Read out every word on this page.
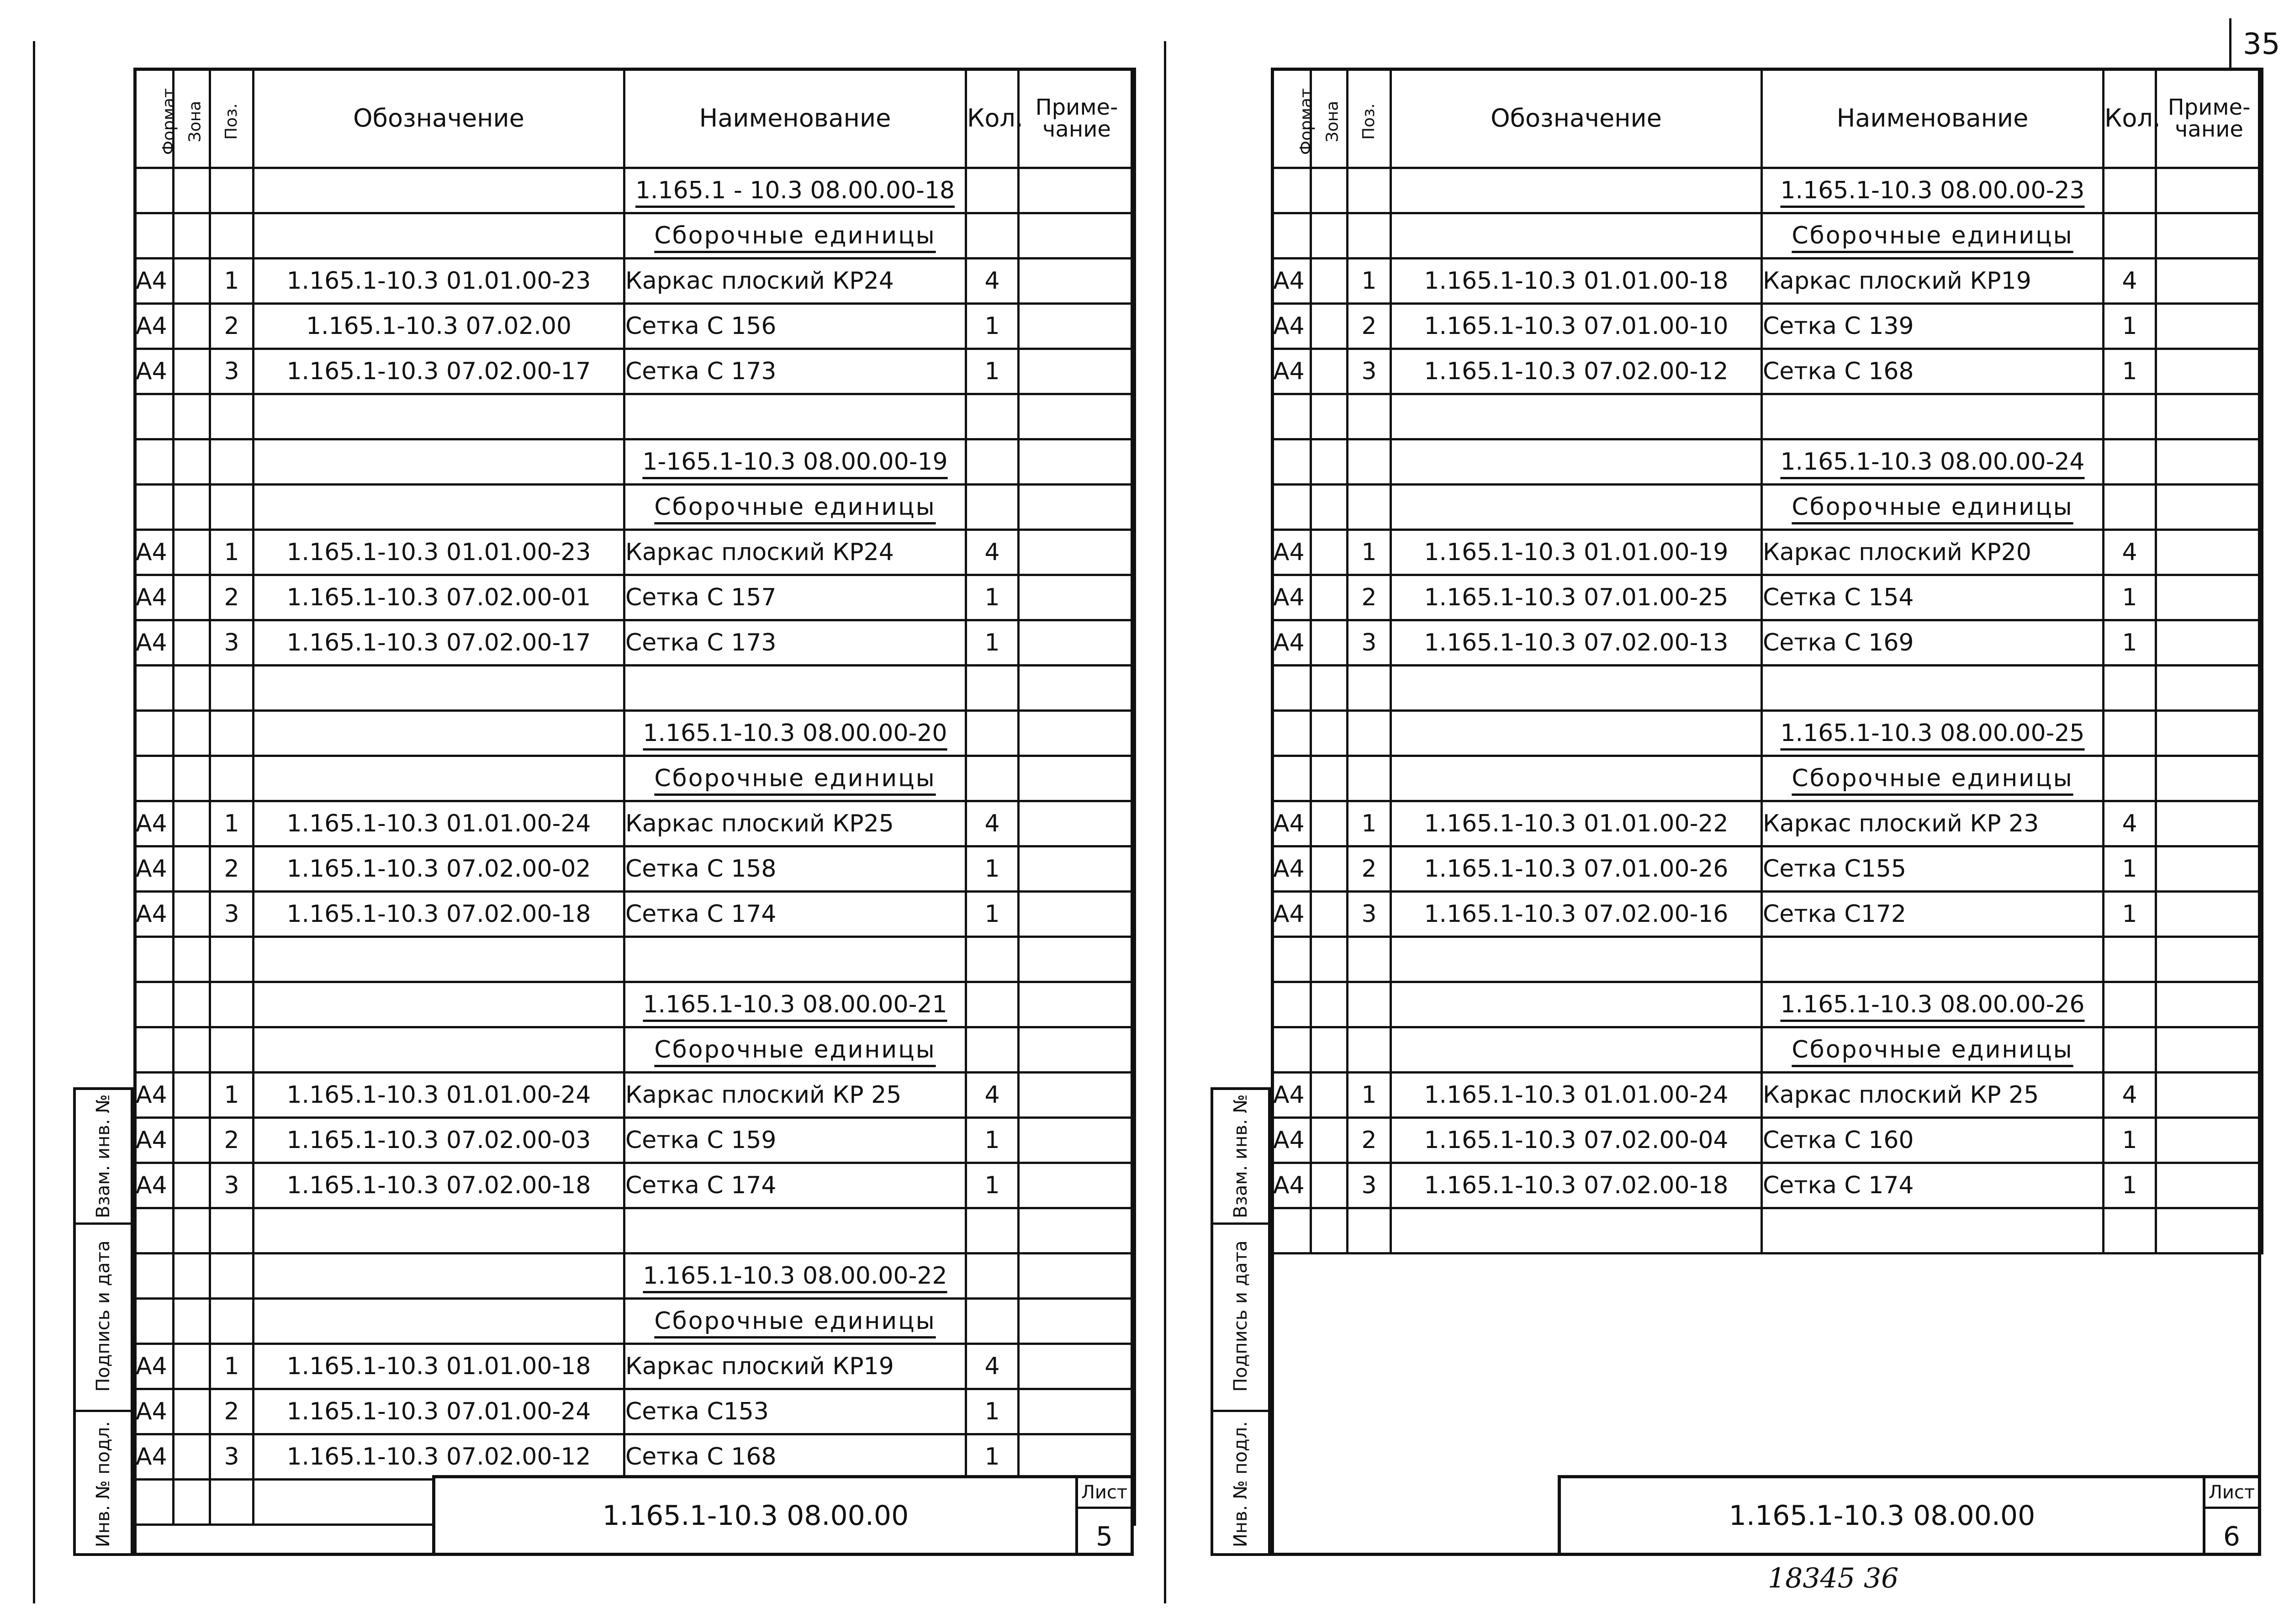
35
Формат	Зона	Поз.	Обозначение	Наименование	Кол.	Приме-чание
				1.165.1 - 10.3 08.00.00-18		
				Сборочные единицы		
А4		1	1.165.1-10.3 01.01.00-23	Каркас плоский КР24	4	
А4		2	1.165.1-10.3 07.02.00	Сетка С 156	1	
А4		3	1.165.1-10.3 07.02.00-17	Сетка С 173	1	

				1-165.1-10.3 08.00.00-19		
				Сборочные единицы		
А4		1	1.165.1-10.3 01.01.00-23	Каркас плоский КР24	4	
А4		2	1.165.1-10.3 07.02.00-01	Сетка С 157	1	
А4		3	1.165.1-10.3 07.02.00-17	Сетка С 173	1	

				1.165.1-10.3 08.00.00-20		
				Сборочные единицы		
А4		1	1.165.1-10.3 01.01.00-24	Каркас плоский КР25	4	
А4		2	1.165.1-10.3 07.02.00-02	Сетка С 158	1	
А4		3	1.165.1-10.3 07.02.00-18	Сетка С 174	1	

				1.165.1-10.3 08.00.00-21		
				Сборочные единицы		
А4		1	1.165.1-10.3 01.01.00-24	Каркас плоский КР 25	4	
А4		2	1.165.1-10.3 07.02.00-03	Сетка С 159	1	
А4		3	1.165.1-10.3 07.02.00-18	Сетка С 174	1	

				1.165.1-10.3 08.00.00-22		
				Сборочные единицы		
А4		1	1.165.1-10.3 01.01.00-18	Каркас плоский КР19	4	
А4		2	1.165.1-10.3 07.01.00-24	Сетка С153	1	
А4		3	1.165.1-10.3 07.02.00-12	Сетка С 168	1	

1.165.1-10.3 08.00.00
Лист
5
Взам. инв. №
Подпись и дата
Инв. № подл.
Формат	Зона	Поз.	Обозначение	Наименование	Кол.	Приме-чание
				1.165.1-10.3 08.00.00-23		
				Сборочные единицы		
А4		1	1.165.1-10.3 01.01.00-18	Каркас плоский КР19	4	
А4		2	1.165.1-10.3 07.01.00-10	Сетка С 139	1	
А4		3	1.165.1-10.3 07.02.00-12	Сетка С 168	1	

				1.165.1-10.3 08.00.00-24		
				Сборочные единицы		
А4		1	1.165.1-10.3 01.01.00-19	Каркас плоский КР20	4	
А4		2	1.165.1-10.3 07.01.00-25	Сетка С 154	1	
А4		3	1.165.1-10.3 07.02.00-13	Сетка С 169	1	

				1.165.1-10.3 08.00.00-25		
				Сборочные единицы		
А4		1	1.165.1-10.3 01.01.00-22	Каркас плоский КР 23	4	
А4		2	1.165.1-10.3 07.01.00-26	Сетка С155	1	
А4		3	1.165.1-10.3 07.02.00-16	Сетка С172	1	

				1.165.1-10.3 08.00.00-26		
				Сборочные единицы		
А4		1	1.165.1-10.3 01.01.00-24	Каркас плоский КР 25	4	
А4		2	1.165.1-10.3 07.02.00-04	Сетка С 160	1	
А4		3	1.165.1-10.3 07.02.00-18	Сетка С 174	1	

1.165.1-10.3 08.00.00
Лист
6
Взам. инв. №
Подпись и дата
Инв. № подл.
18345 36
